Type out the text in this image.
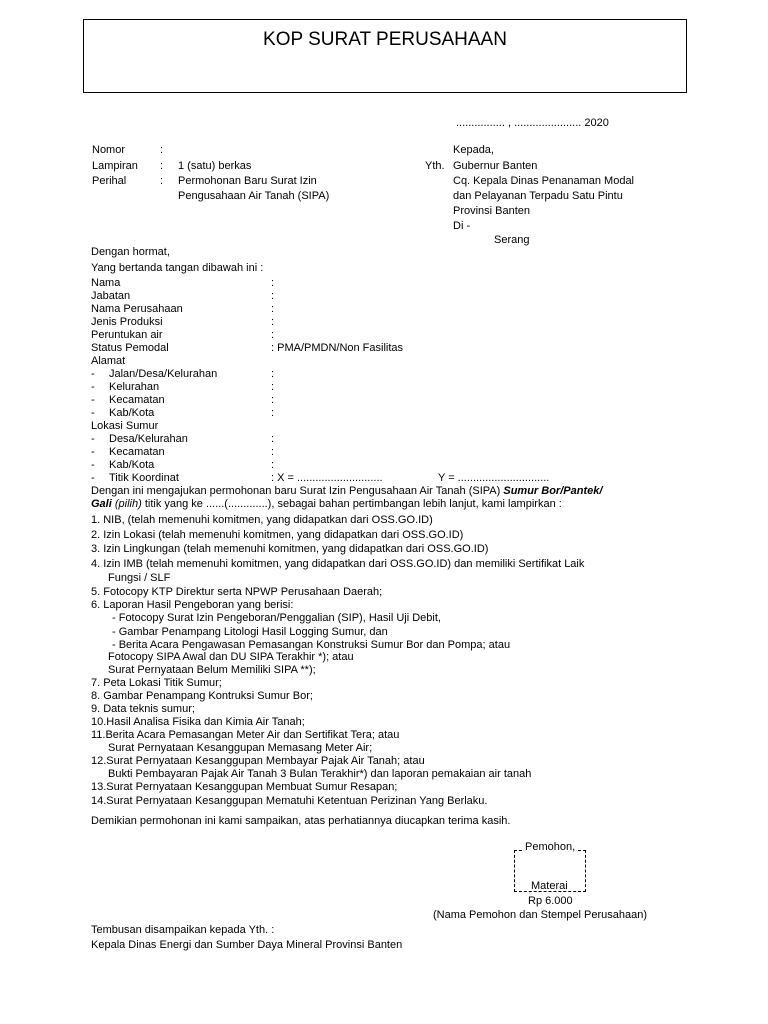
KOP SURAT PERUSAHAAN
................ , ...................... 2020
Nomor	:
Lampiran : 1 (satu) berkas
Perihal	: Permohonan Baru Surat Izin
Pengusahaan Air Tanah (SIPA)
Kepada,
Yth. Gubernur Banten
Cq. Kepala Dinas Penanaman Modal
dan Pelayanan Terpadu Satu Pintu
Provinsi Banten
Di -
Serang
Dengan hormat,
Yang bertanda tangan dibawah ini :
Nama	:
Jabatan	:
Nama Perusahaan	:
Jenis Produksi	:
Peruntukan air	:
Status Pemodal	: PMA/PMDN/Non Fasilitas
Alamat
- Jalan/Desa/Kelurahan	:
- Kelurahan	:
- Kecamatan	:
- Kab/Kota	:
Lokasi Sumur
- Desa/Kelurahan	:
- Kecamatan	:
- Kab/Kota	:
- Titik Koordinat	: X = ............................	Y = ..............................
Dengan ini mengajukan permohonan baru Surat Izin Pengusahaan Air Tanah (SIPA) Sumur Bor/Pantek/
Gali (pilih) titik yang ke ......(.............), sebagai bahan pertimbangan lebih lanjut, kami lampirkan :
1. NIB, (telah memenuhi komitmen, yang didapatkan dari OSS.GO.ID)
2. Izin Lokasi (telah memenuhi komitmen, yang didapatkan dari OSS.GO.ID)
3. Izin Lingkungan (telah memenuhi komitmen, yang didapatkan dari OSS.GO.ID)
4. Izin IMB (telah memenuhi komitmen, yang didapatkan dari OSS.GO.ID) dan memiliki Sertifikat Laik
Fungsi / SLF
5. Fotocopy KTP Direktur serta NPWP Perusahaan Daerah;
6. Laporan Hasil Pengeboran yang berisi:
- Fotocopy Surat Izin Pengeboran/Penggalian (SIP), Hasil Uji Debit,
- Gambar Penampang Litologi Hasil Logging Sumur, dan
- Berita Acara Pengawasan Pemasangan Konstruksi Sumur Bor dan Pompa; atau
Fotocopy SIPA Awal dan DU SIPA Terakhir *); atau
Surat Pernyataan Belum Memiliki SIPA **);
7. Peta Lokasi Titik Sumur;
8. Gambar Penampang Kontruksi Sumur Bor;
9. Data teknis sumur;
10.Hasil Analisa Fisika dan Kimia Air Tanah;
11.Berita Acara Pemasangan Meter Air dan Sertifikat Tera; atau
Surat Pernyataan Kesanggupan Memasang Meter Air;
12.Surat Pernyataan Kesanggupan Membayar Pajak Air Tanah; atau
Bukti Pembayaran Pajak Air Tanah 3 Bulan Terakhir*) dan laporan pemakaian air tanah
13.Surat Pernyataan Kesanggupan Membuat Sumur Resapan;
14.Surat Pernyataan Kesanggupan Mematuhi Ketentuan Perizinan Yang Berlaku.
Demikian permohonan ini kami sampaikan, atas perhatiannya diucapkan terima kasih.
Pemohon,
Materai
Rp 6.000
(Nama Pemohon dan Stempel Perusahaan)
Tembusan disampaikan kepada Yth. :
Kepala Dinas Energi dan Sumber Daya Mineral Provinsi Banten
